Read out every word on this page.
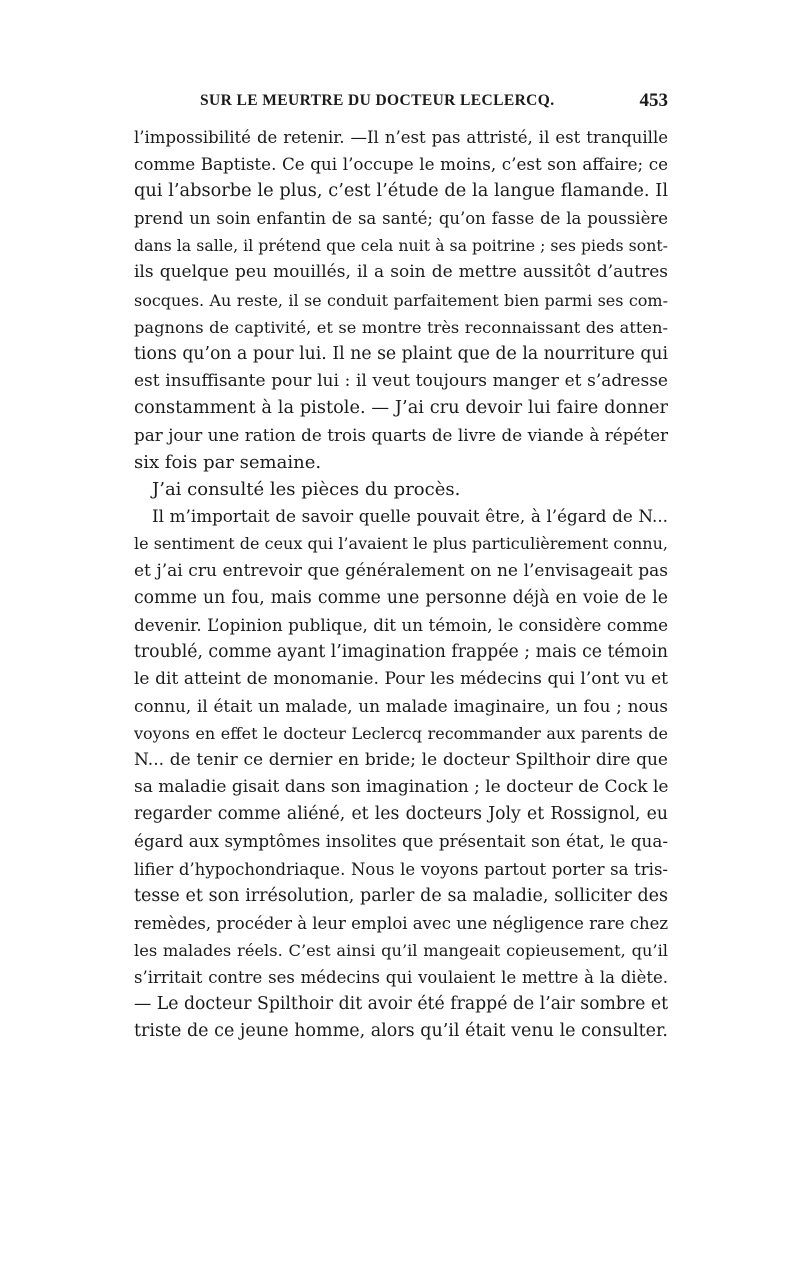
SUR LE MEURTRE DU DOCTEUR LECLERCQ.	453
l’impossibilité de retenir. —Il n’est pas attristé, il est tranquille
comme Baptiste. Ce qui l’occupe le moins, c’est son affaire; ce
qui l’absorbe le plus, c’est l’étude de la langue flamande. Il
prend un soin enfantin de sa santé; qu’on fasse de la poussière
dans la salle, il prétend que cela nuit à sa poitrine ; ses pieds sont-
ils quelque peu mouillés, il a soin de mettre aussitôt d’autres
socques. Au reste, il se conduit parfaitement bien parmi ses com-
pagnons de captivité, et se montre très reconnaissant des atten-
tions qu’on a pour lui. Il ne se plaint que de la nourriture qui
est insuffisante pour lui : il veut toujours manger et s’adresse
constamment à la pistole. — J’ai cru devoir lui faire donner
par jour une ration de trois quarts de livre de viande à répéter
six fois par semaine.
J’ai consulté les pièces du procès.
Il m’importait de savoir quelle pouvait être, à l’égard de N...
le sentiment de ceux qui l’avaient le plus particulièrement connu,
et j’ai cru entrevoir que généralement on ne l’envisageait pas
comme un fou, mais comme une personne déjà en voie de le
devenir. L’opinion publique, dit un témoin, le considère comme
troublé, comme ayant l’imagination frappée ; mais ce témoin
le dit atteint de monomanie. Pour les médecins qui l’ont vu et
connu, il était un malade, un malade imaginaire, un fou ; nous
voyons en effet le docteur Leclercq recommander aux parents de
N... de tenir ce dernier en bride; le docteur Spilthoir dire que
sa maladie gisait dans son imagination ; le docteur de Cock le
regarder comme aliéné, et les docteurs Joly et Rossignol, eu
égard aux symptômes insolites que présentait son état, le qua-
lifier d’hypochondriaque. Nous le voyons partout porter sa tris-
tesse et son irrésolution, parler de sa maladie, solliciter des
remèdes, procéder à leur emploi avec une négligence rare chez
les malades réels. C’est ainsi qu’il mangeait copieusement, qu’il
s’irritait contre ses médecins qui voulaient le mettre à la diète.
— Le docteur Spilthoir dit avoir été frappé de l’air sombre et
triste de ce jeune homme, alors qu’il était venu le consulter.
